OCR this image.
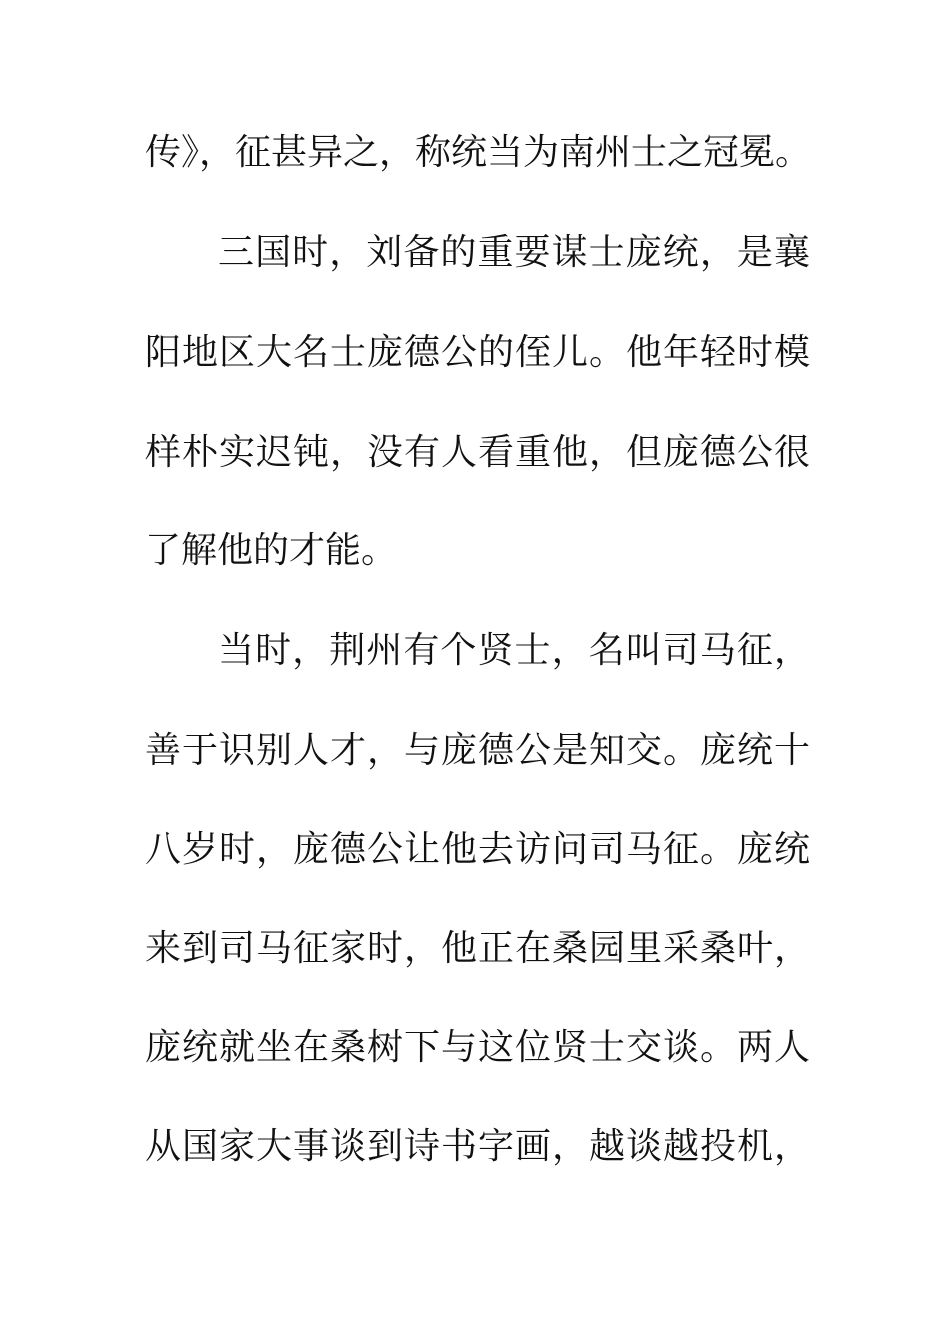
传》，征甚异之，称统当为南州士之冠冕。
三国时，刘备的重要谋士庞统，是襄
阳地区大名士庞德公的侄儿。他年轻时模
样朴实迟钝，没有人看重他，但庞德公很
了解他的才能。
当时，荆州有个贤士，名叫司马征，
善于识别人才，与庞德公是知交。庞统十
八岁时，庞德公让他去访问司马征。庞统
来到司马征家时，他正在桑园里采桑叶，
庞统就坐在桑树下与这位贤士交谈。两人
从国家大事谈到诗书字画，越谈越投机，
